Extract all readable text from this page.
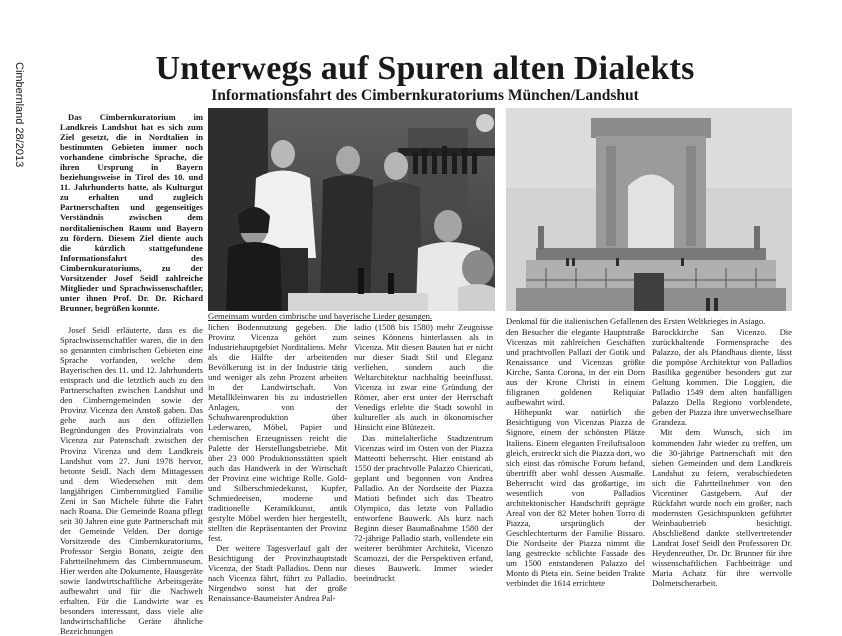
Cimbernland 28/2013	Unterwegs auf Spuren alten Dialekts
Informationsfahrt des Cimbernkuratoriums München/Landshut

Das Cimbernkuratorium im Landkreis Landshut hat es sich zum Ziel gesetzt, die in Nordtalien in bestimmten Gebieten immer noch vorhandene cimbrische Sprache, die ihren Ursprung in Bayern beziehungsweise in Tirol des 10. und 11. Jahrhunderts hatte, als Kulturgut zu erhalten und zugleich Partnerschaften und gegenseitiges Verständnis zwischen dem norditalienischen Raum und Bayern zu fördern. Diesem Ziel diente auch die kürzlich stattgefundene Informationsfahrt des Cimbernkuratoriums, zu der Vorsitzender Josef Seidl zahlreiche Mitglieder und Sprachwissenschaftler, unter ihnen Prof. Dr. Dr. Richard Brunner, begrüßen konnte.

Josef Seidl erläuterte, dass es die Sprachwissenschaftler waren, die in den so genannten cimbrischen Gebieten eine Sprache vorfanden, welche dem Bayerischen des 11. und 12. Jahrhunderts entsprach und die letztlich auch zu den Partnerschaften zwischen Landshut und den Cimberngemeinden sowie der Provinz Vicenza den Anstoß gaben. Das gehe auch aus den offiziellen Begründungen des Provinzialrats von Vicenza zur Patenschaft zwischen der Provinz Vicenza und dem Landkreis Landshut vom 27. Juni 1978 hervor, betonte Seidl. Nach dem Mittagessen und dem Wiedersehen mit dem langjährigen Cimbernmitglied Familie Zeni in San Michele führte die Fahrt nach Roana. Die Gemeinde Roana pflegt seit 30 Jahren eine gute Partnerschaft mit der Gemeinde Velden. Der dortige Vorsitzende des Cimbernkuratoriums, Professor Sergio Bonato, zeigte den Fahrtteilnehmern das Cimbernmuseum. Hier werden alte Dokumente, Hausgeräte sowie landwirtschaftliche Arbeitsgeräte aufbewahrt und für die Nachwelt erhalten. Für die Landwirte war es besonders interessant, dass viele alte landwirtschaftliche Geräte ähnliche Bezeichnungen

Gemeinsam wurden cimbrische und bayerische Lieder gesungen.	Denkmal für die italienischen Gefallenen des Ersten Weltkrieges in Asiago.

lichen Bodennutzung gegeben. Die Provinz Vicenza gehört zum Industriehauptgebiet Norditaliens. Mehr als die Hälfte der arbeitenden Bevölkerung ist in der Industrie tätig und weniger als zehn Prozent arbeiten in der Landwirtschaft. Von Metallkleinwaren bis zu industriellen Anlagen, von der Schuhwarenproduktion über Lederwaren, Möbel, Papier und chemischen Erzeugnissen reicht die Palette der Herstellungsbetriebe. Mit über 23 000 Produktionsstätten spielt auch das Handwerk in der Wirtschaft der Provinz eine wichtige Rolle. Gold- und Silberschmiedekunst, Kupfer, Schmiedeeisen, moderne und traditionelle Keramikkunst, antik gestylte Möbel werden hier hergestellt, stellten die Repräsentanten der Provinz fest.

Der weitere Tagesverlauf galt der Besichtigung der Provinzhauptstadt Vicenza, der Stadt Palladios. Denn nur nach Vicenza fährt, führt zu Palladio. Nirgendwo sonst hat der große Renaissance-Baumeister Andrea Pal-

ladio (1508 bis 1580) mehr Zeugnisse seines Könnens hinterlassen als in Vicenza. Mit diesen Bauten hat er nicht nur dieser Stadt Stil und Eleganz verliehen, sondern auch die Weltarchitektur nachhaltig beeinflusst. Vicenza ist zwar eine Gründung der Römer, aber erst unter der Herrschaft Venedigs erlebte die Stadt sowohl in kultureller als auch in ökonomischer Hinsicht eine Blütezeit.

Das mittelalterliche Stadtzentrum Vicenzas wird im Osten von der Piazza Matteotti beherrscht. Hier entstand ab 1550 der prachtvolle Palazzo Chiericati, geplant und begonnen von Andrea Palladio. An der Nordseite der Piazza Matioti befindet sich das Theatro Olympico, das letzte von Palladio entworfene Bauwerk. Als kurz nach Beginn dieser Baumaßnahme 1580 der 72-jährige Palladio starb, vollendete ein weiterer berühmter Architekt, Vicenzo Scamozzi, der die Perspektiven erfand, dieses Bauwerk. Immer wieder beeindruckt

den Besucher die elegante Hauptstraße Vicenzas mit zahlreichen Geschäften und prachtvollen Pallazi der Gotik und Renaissance und Vicenzas größte Kirche, Santa Corona, in der ein Dorn aus der Krone Christi in einem filigranen goldenen Reliquiar aufbewahrt wird.

Höhepunkt war natürlich die Besichtigung von Vicenzas Piazza de Signore, einem der schönsten Plätze Italiens. Einem eleganten Freiluftsaloon gleich, erstreckt sich die Piazza dort, wo sich einst das römische Forum befand, übertrifft aber wohl dessen Ausmaße. Beherrscht wird das großartige, im wesentlich von Palladios architektonischer Handschrift geprägte Areal von der 82 Meter hohen Torro di Piazza, ursprünglich der Geschlechterturm der Familie Bissaro. Die Nordseite der Piazza nimmt die lang gestreckte schlichte Fassade des um 1500 entstandenen Palazzo del Monto di Pieta ein. Seine beiden Trakte verbindet die 1614 errichtete

Barockkirche San Vicenzo. Die zurückhaltende Formensprache des Palazzo, der als Pfandhaus diente, lässt die pompöse Architektur von Palladios Basilika gegenüber besonders gut zur Geltung kommen. Die Loggien, die Palladio 1549 dem alten baufälligen Palazzo Della Regiono vorblendete, geben der Piazza ihre unverwechselbare Grandeza.

Mit dem Wunsch, sich im kommenden Jahr wieder zu treffen, um die 30-jährige Partnerschaft mit den sieben Gemeinden und dem Landkreis Landshut zu feiern, verabschiedeten sich die Fahrtteilnehmer von den Vicentiner Gastgebern. Auf der Rückfahrt wurde noch ein großer, nach modernsten Gesichtspunkten geführter Weinbaubetrieb besichtigt. Abschließend dankte stellvertretender Landrat Josef Seidl den Professoren Dr. Heydenreuther, Dr. Dr. Brunner für ihre wissenschaftlichen Fachbeiträge und Maria Achatz für ihre wertvolle Dolmetscherarbeit.
